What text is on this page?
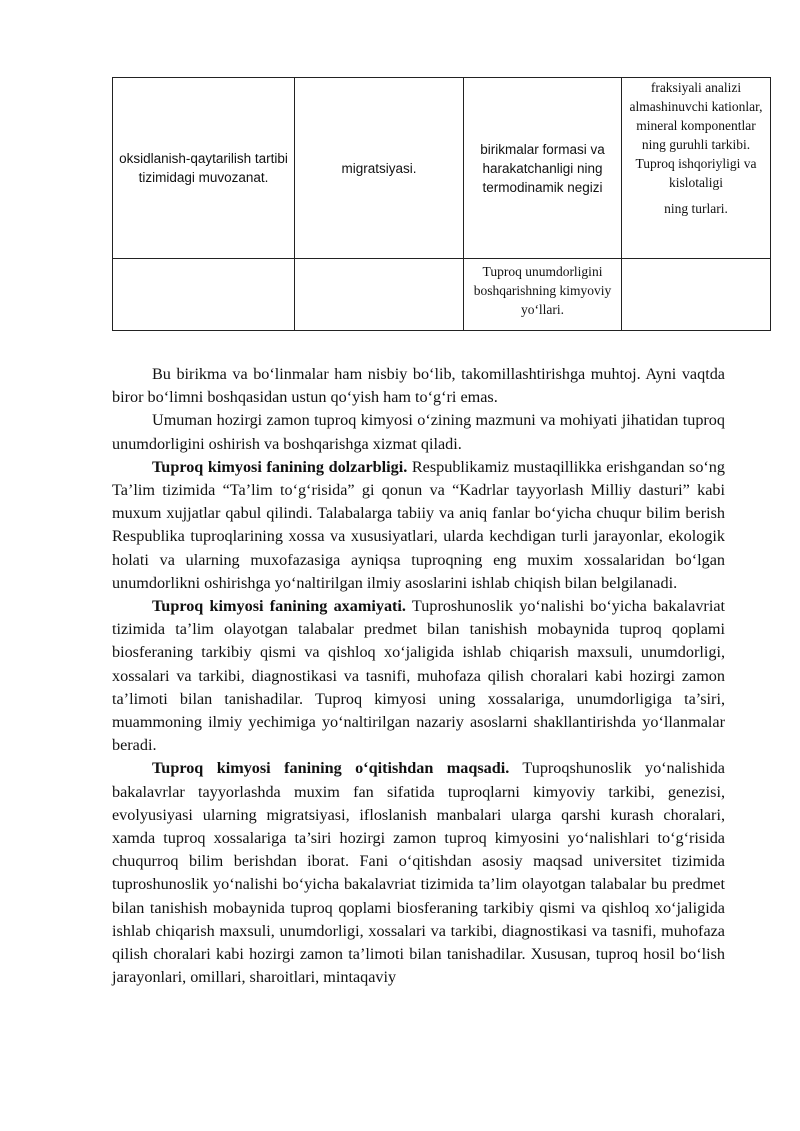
oksidlanish-qaytarilish tartibi tizimidagi muvozanat.	migratsiyasi.	birikmalar formasi va harakatchanligi ning termodinamik negizi	fraksiyali analizi almashinuvchi kationlar, mineral komponentlar ning guruhli tarkibi. Tuproq ishqoriyligi va kislotaligi
ning turlari.

		Tuproq unumdorligini boshqarishning kimyoviy yo‘llari.	

Bu birikma va bo‘linmalar ham nisbiy bo‘lib, takomillashtirishga muhtoj. Ayni vaqtda biror bo‘limni boshqasidan ustun qo‘yish ham to‘g‘ri emas.

Umuman hozirgi zamon tuproq kimyosi o‘zining mazmuni va mohiyati jihatidan tuproq unumdorligini oshirish va boshqarishga xizmat qiladi.

Tuproq kimyosi fanining dolzarbligi. Respublikamiz mustaqillikka erishgandan so‘ng Ta’lim tizimida “Ta’lim to‘g‘risida” gi qonun va “Kadrlar tayyorlash Milliy dasturi” kabi muxum xujjatlar qabul qilindi. Talabalarga tabiiy va aniq fanlar bo‘yicha chuqur bilim berish Respublika tuproqlarining xossa va xususiyatlari, ularda kechdigan turli jarayonlar, ekologik holati va ularning muxofazasiga ayniqsa tuproqning eng muxim xossalaridan bo‘lgan unumdorlikni oshirishga yo‘naltirilgan ilmiy asoslarini ishlab chiqish bilan belgilanadi.

Tuproq kimyosi fanining axamiyati. Tuproshunoslik yo‘nalishi bo‘yicha bakalavriat tizimida ta’lim olayotgan talabalar predmet bilan tanishish mobaynida tuproq qoplami biosferaning tarkibiy qismi va qishloq xo‘jaligida ishlab chiqarish maxsuli, unumdorligi, xossalari va tarkibi, diagnostikasi va tasnifi, muhofaza qilish choralari kabi hozirgi zamon ta’limoti bilan tanishadilar. Tuproq kimyosi uning xossalariga, unumdorligiga ta’siri, muammoning ilmiy yechimiga yo‘naltirilgan nazariy asoslarni shakllantirishda yo‘llanmalar beradi.

Tuproq kimyosi fanining o‘qitishdan maqsadi. Tuproqshunoslik yo‘nalishida bakalavrlar tayyorlashda muxim fan sifatida tuproqlarni kimyoviy tarkibi, genezisi, evolyusiyasi ularning migratsiyasi, ifloslanish manbalari ularga qarshi kurash choralari, xamda tuproq xossalariga ta’siri hozirgi zamon tuproq kimyosini yo‘nalishlari to‘g‘risida chuqurroq bilim berishdan iborat. Fani o‘qitishdan asosiy maqsad universitet tizimida tuproshunoslik yo‘nalishi bo‘yicha bakalavriat tizimida ta’lim olayotgan talabalar bu predmet bilan tanishish mobaynida tuproq qoplami biosferaning tarkibiy qismi va qishloq xo‘jaligida ishlab chiqarish maxsuli, unumdorligi, xossalari va tarkibi, diagnostikasi va tasnifi, muhofaza qilish choralari kabi hozirgi zamon ta’limoti bilan tanishadilar. Xususan, tuproq hosil bo‘lish jarayonlari, omillari, sharoitlari, mintaqaviy
